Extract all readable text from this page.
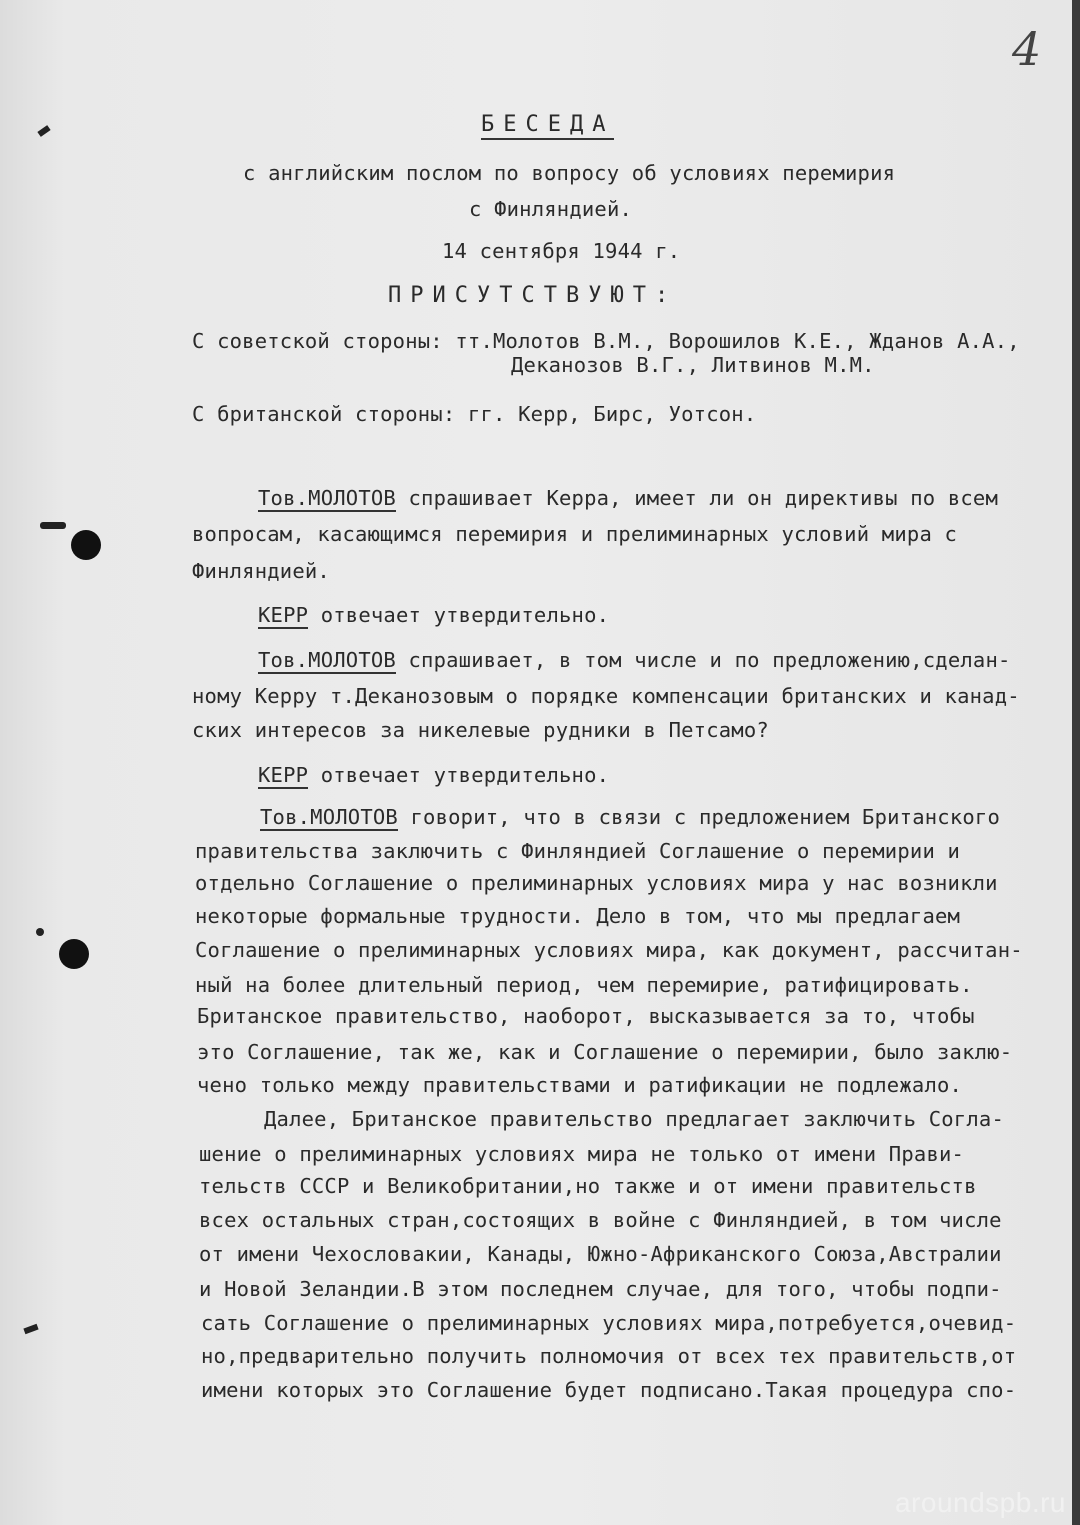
4
БЕСЕДА
с английским послом по вопросу об условиях перемирия
с Финляндией.
14 сентября 1944 г.
ПРИСУТСТВУЮТ:
С советской стороны: тт.Молотов В.М., Ворошилов К.Е., Жданов А.А.,
Деканозов В.Г., Литвинов М.М.
С британской стороны: гг. Керр, Бирс, Уотсон.
Тов.МОЛОТОВ спрашивает Керра, имеет ли он директивы по всем
вопросам, касающимся перемирия и прелиминарных условий мира с
Финляндией.
КЕРР отвечает утвердительно.
Тов.МОЛОТОВ спрашивает, в том числе и по предложению,сделан-
ному Керру т.Деканозовым о порядке компенсации британских и канад-
ских интересов за никелевые рудники в Петсамо?
КЕРР отвечает утвердительно.
Тов.МОЛОТОВ говорит, что в связи с предложением Британского
правительства заключить с Финляндией Соглашение о перемирии и
отдельно Соглашение о прелиминарных условиях мира у нас возникли
некоторые формальные трудности. Дело в том, что мы предлагаем
Соглашение о прелиминарных условиях мира, как документ, рассчитан-
ный на более длительный период, чем перемирие, ратифицировать.
Британское правительство, наоборот, высказывается за то, чтобы
это Соглашение, так же, как и Соглашение о перемирии, было заклю-
чено только между правительствами и ратификации не подлежало.
Далее, Британское правительство предлагает заключить Согла-
шение о прелиминарных условиях мира не только от имени Прави-
тельств СССР и Великобритании,но также и от имени правительств
всех остальных стран,состоящих в войне с Финляндией, в том числе
от имени Чехословакии, Канады, Южно-Африканского Союза,Австралии
и Новой Зеландии.В этом последнем случае, для того, чтобы подпи-
сать Соглашение о прелиминарных условиях мира,потребуется,очевид-
но,предварительно получить полномочия от всех тех правительств,от
имени которых это Соглашение будет подписано.Такая процедура спо-
aroundspb.ru
